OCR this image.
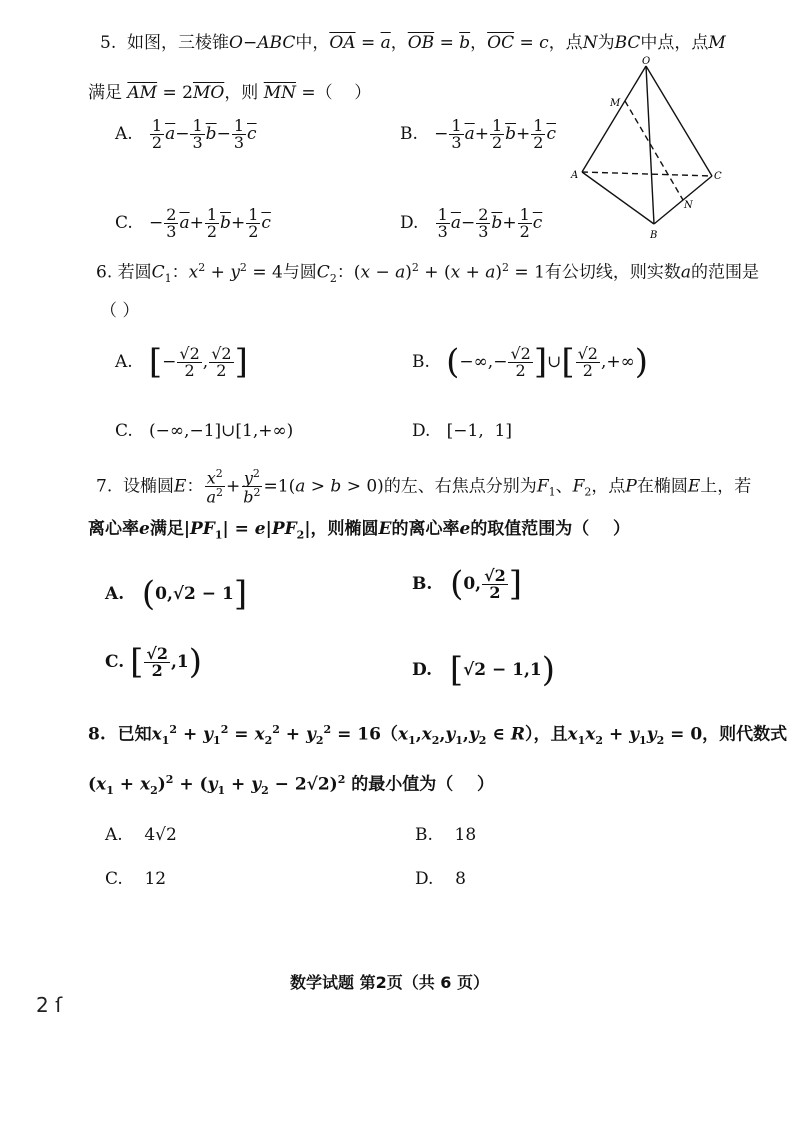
5.  如图，三棱锥O−ABC中，$\overline{OA} = \overline{a}$，$\overline{OB} = \overline{b}$，$\overline{OC} = c$，点N为BC中点，点M
满足 $\overline{AM} = 2\overline{MO}$，则 $\overline{MN}$ =（    ）
A. $\frac{1}{2} \overline{a}- \frac{1}{3} \overline{b}- \frac{1}{3} \overline{c}$	B.   − $\frac{1}{3} \overline{a}+ \frac{1}{2} \overline{b}+ \frac{1}{2} \overline{c}$
C.   − $\frac{2}{3} \overline{a}+ \frac{1}{2} \overline{b}+ \frac{1}{2} \overline{c}$	D. $\frac{1}{3} \overline{a}- \frac{2}{3} \overline{b}+ \frac{1}{2} \overline{c}$
O
M
A	C
N
B
6. 若圆$C_1$：$x^2 + y^2 = 4$与圆$C_2$：$(x - a)^2 + (x + a)^2 = 1$有公切线，则实数a的范围是
（ ）
A. [− $\frac{√2}{2}$ , $\frac{√2}{2}$ ]	B. (−∞,− $\frac{√2}{2}$ ]∪[ $\frac{√2}{2}$ ,+∞)
C.   (−∞,−1]∪[1,+∞)	D.   [−1,  1]
7.  设椭圆E： $\frac{x^2}{a^2} + \frac{y^2}{b^2} =1(a > b > 0)$的左、右焦点分别为$F_1$、$F_2$，点P在椭圆E上，若
离心率e满足$|PF_1| = e|PF_2|$，则椭圆E的离心率e的取值范围为（    ）
A. (0,√2 − 1]	B. (0, $\frac{√2}{2}$ ]
C. [ $\frac{√2}{2} ,1$)	D. [√2 − 1,1)
8.  已知$x_1^2 + y_1^2 = x_2^2 + y_2^2 = 16(x_1,x_2,y_1,y_2$ ∈ R），且$x_1x_2 + y_1y_2 = 0$，则代数式
$(x_1 + x_2)^2 + (y_1 + y_2 - 2√2)^2$ 的最小值为（    ）
A. 4√2	B. 18
C. 12	D. 8
数学试题 第2页（共 6 页）
2 ſ
